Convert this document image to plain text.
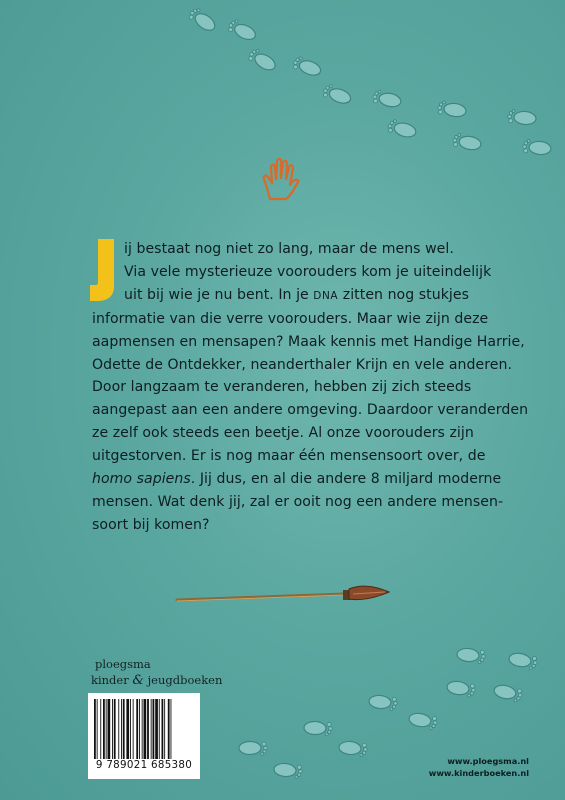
ij bestaat nog niet zo lang, maar de mens wel.

Via vele mysterieuze voorouders kom je uiteindelijk

uit bij wie je nu bent. In je DNA zitten nog stukjes

informatie van die verre voorouders. Maar wie zijn deze

aapmensen en mensapen? Maak kennis met Handige Harrie,

Odette de Ontdekker, neanderthaler Krijn en vele anderen.

Door langzaam te veranderen, hebben zij zich steeds

aangepast aan een andere omgeving. Daardoor veranderden

ze zelf ook steeds een beetje. Al onze voorouders zijn

uitgestorven. Er is nog maar één mensensoort over, de

homo sapiens. Jij dus, en al die andere 8 miljard moderne

mensen. Wat denk jij, zal er ooit nog een andere mensen-

soort bij komen?

ploegsma
kinder & jeugdboeken
9 789021 685380	www.ploegsma.nl
www.kinderboeken.nl
